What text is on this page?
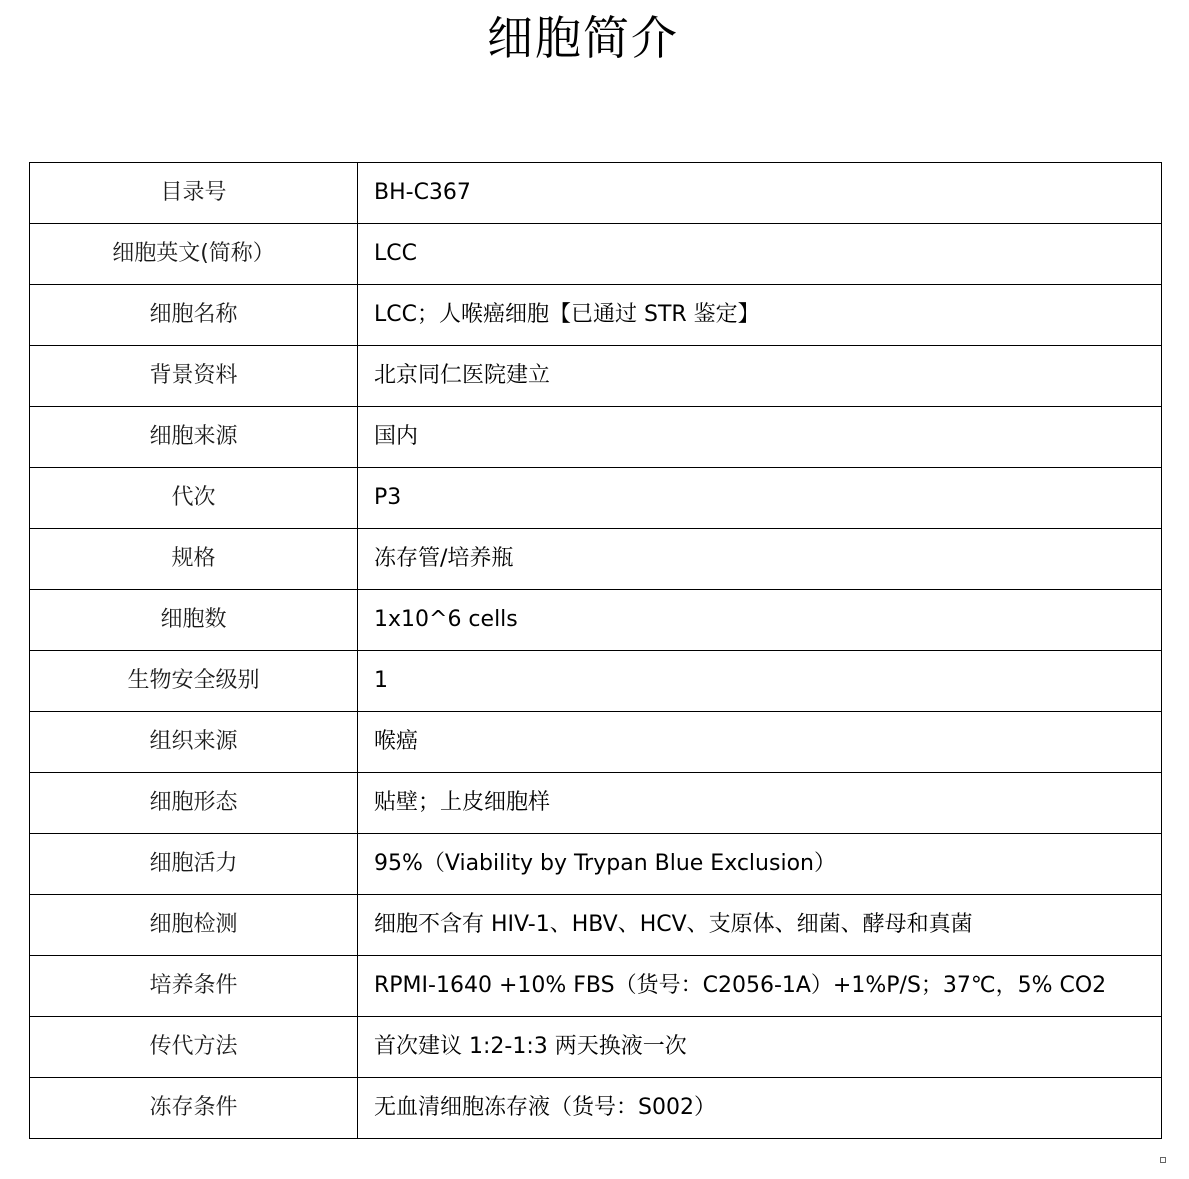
细胞简介
目录号	BH-C367
细胞英文(简称）	LCC
细胞名称	LCC；人喉癌细胞【已通过 STR 鉴定】
背景资料	北京同仁医院建立
细胞来源	国内
代次	P3
规格	冻存管/培养瓶
细胞数	1x10^6 cells
生物安全级别	1
组织来源	喉癌
细胞形态	贴壁；上皮细胞样
细胞活力	95%（Viability by Trypan Blue Exclusion）
细胞检测	细胞不含有 HIV-1、HBV、HCV、支原体、细菌、酵母和真菌
培养条件	RPMI-1640 +10% FBS（货号：C2056-1A）+1%P/S；37℃，5% CO2
传代方法	首次建议 1:2-1:3 两天换液一次
冻存条件	无血清细胞冻存液（货号：S002）
